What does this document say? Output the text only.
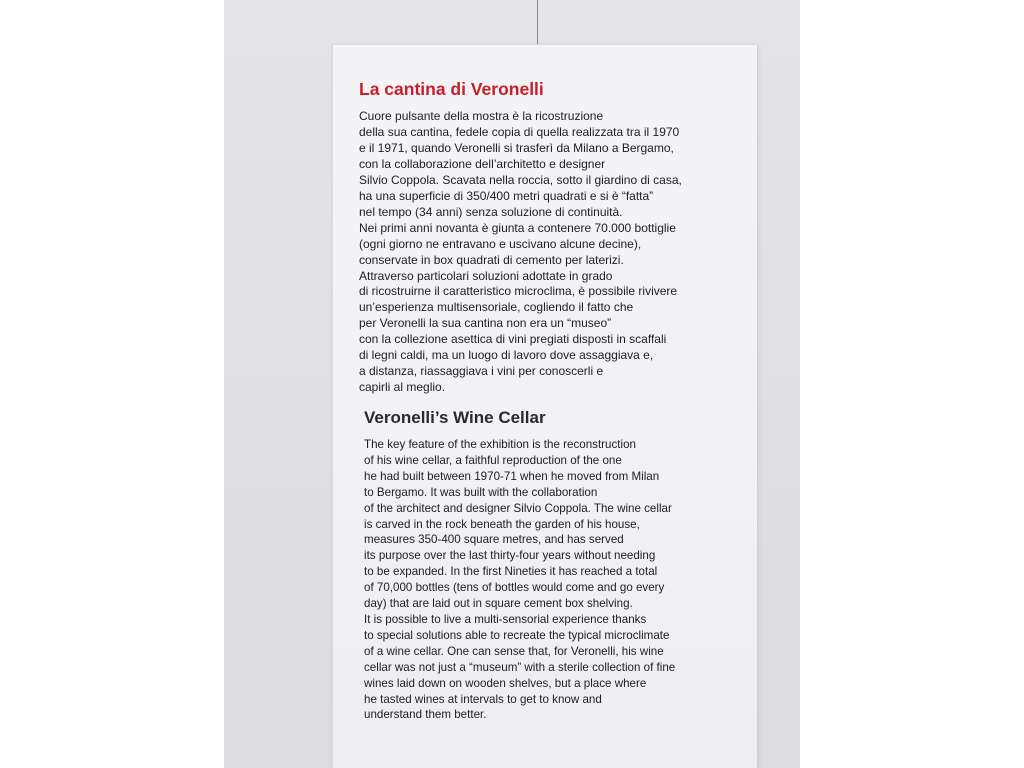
La cantina di Veronelli
Cuore pulsante della mostra è la ricostruzione
della sua cantina, fedele copia di quella realizzata tra il 1970
e il 1971, quando Veronelli si trasferì da Milano a Bergamo,
con la collaborazione dell’architetto e designer
Silvio Coppola. Scavata nella roccia, sotto il giardino di casa,
ha una superficie di 350/400 metri quadrati e si è “fatta”
nel tempo (34 anni) senza soluzione di continuità.
Nei primi anni novanta è giunta a contenere 70.000 bottiglie
(ogni giorno ne entravano e uscivano alcune decine),
conservate in box quadrati di cemento per laterizi.
Attraverso particolari soluzioni adottate in grado
di ricostruirne il caratteristico microclima, è possibile rivivere
un’esperienza multisensoriale, cogliendo il fatto che
per Veronelli la sua cantina non era un “museo”
con la collezione asettica di vini pregiati disposti in scaffali
di legni caldi, ma un luogo di lavoro dove assaggiava e,
a distanza, riassaggiava i vini per conoscerli e
capirli al meglio.
Veronelli’s Wine Cellar
The key feature of the exhibition is the reconstruction
of his wine cellar, a faithful reproduction of the one
he had built between 1970-71 when he moved from Milan
to Bergamo. It was built with the collaboration
of the architect and designer Silvio Coppola. The wine cellar
is carved in the rock beneath the garden of his house,
measures 350-400 square metres, and has served
its purpose over the last thirty-four years without needing
to be expanded. In the first Nineties it has reached a total
of 70,000 bottles (tens of bottles would come and go every
day) that are laid out in square cement box shelving.
It is possible to live a multi-sensorial experience thanks
to special solutions able to recreate the typical microclimate
of a wine cellar. One can sense that, for Veronelli, his wine
cellar was not just a “museum” with a sterile collection of fine
wines laid down on wooden shelves, but a place where
he tasted wines at intervals to get to know and
understand them better.
